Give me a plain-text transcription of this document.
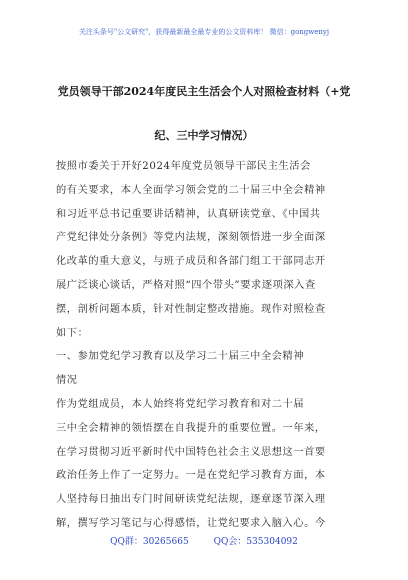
关注头条号"公文研究"，获得最新最全最专业的公文资料库！ 微信：gongwenyj
党员领导干部2024年度民主生活会个人对照检查材料（+党
纪、三中学习情况）

按照市委关于开好2024年度党员领导干部民主生活会
的有关要求，本人全面学习领会党的二十届三中全会精神
和习近平总书记重要讲话精神，认真研读党章、《中国共
产党纪律处分条例》等党内法规，深刻领悟进一步全面深
化改革的重大意义，与班子成员和各部门组工干部同志开
展广泛谈心谈话，严格对照“四个带头”要求逐项深入查
摆，剖析问题本质，针对性制定整改措施。现作对照检查
如下：
一、参加党纪学习教育以及学习二十届三中全会精神
情况
作为党组成员，本人始终将党纪学习教育和对二十届
三中全会精神的领悟摆在自我提升的重要位置。一年来，
在学习贯彻习近平新时代中国特色社会主义思想这一首要
政治任务上作了一定努力。一是在党纪学习教育方面，本
人坚持每日抽出专门时间研读党纪法规，逐章逐节深入理
解，撰写学习笔记与心得感悟，让党纪要求入脑入心。今

QQ群：30265665	QQ会：535304092
